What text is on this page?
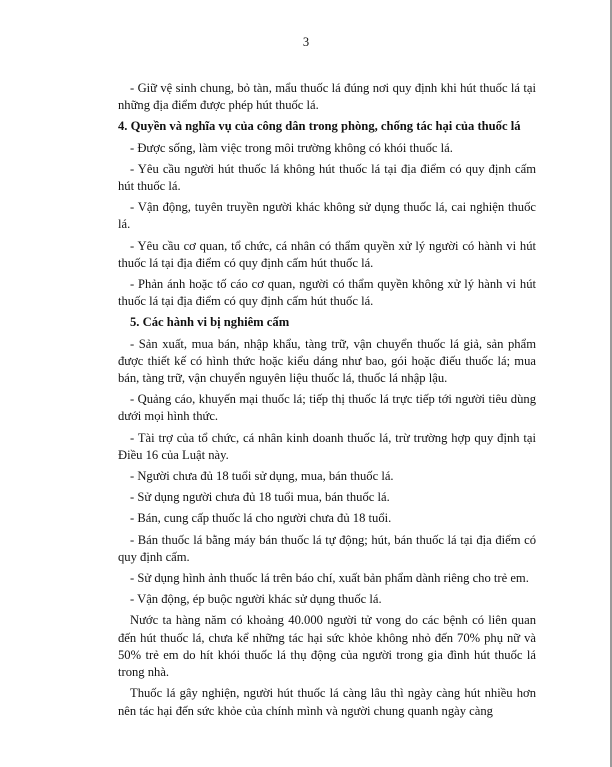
3

- Giữ vệ sinh chung, bỏ tàn, mẩu thuốc lá đúng nơi quy định khi hút thuốc lá tại những địa điểm được phép hút thuốc lá.

4. Quyền và nghĩa vụ của công dân trong phòng, chống tác hại của thuốc lá

- Được sống, làm việc trong môi trường không có khói thuốc lá.

- Yêu cầu người hút thuốc lá không hút thuốc lá tại địa điểm có quy định cấm hút thuốc lá.

- Vận động, tuyên truyền người khác không sử dụng thuốc lá, cai nghiện thuốc lá.

- Yêu cầu cơ quan, tổ chức, cá nhân có thẩm quyền xử lý người có hành vi hút thuốc lá tại địa điểm có quy định cấm hút thuốc lá.

- Phản ánh hoặc tố cáo cơ quan, người có thẩm quyền không xử lý hành vi hút thuốc lá tại địa điểm có quy định cấm hút thuốc lá.

5. Các hành vi bị nghiêm cấm

- Sản xuất, mua bán, nhập khẩu, tàng trữ, vận chuyển thuốc lá giả, sản phẩm được thiết kế có hình thức hoặc kiểu dáng như bao, gói hoặc điếu thuốc lá; mua bán, tàng trữ, vận chuyển nguyên liệu thuốc lá, thuốc lá nhập lậu.

- Quảng cáo, khuyến mại thuốc lá; tiếp thị thuốc lá trực tiếp tới người tiêu dùng dưới mọi hình thức.

- Tài trợ của tổ chức, cá nhân kinh doanh thuốc lá, trừ trường hợp quy định tại Điều 16 của Luật này.

- Người chưa đủ 18 tuổi sử dụng, mua, bán thuốc lá.

- Sử dụng người chưa đủ 18 tuổi mua, bán thuốc lá.

- Bán, cung cấp thuốc lá cho người chưa đủ 18 tuổi.

- Bán thuốc lá bằng máy bán thuốc lá tự động; hút, bán thuốc lá tại địa điểm có quy định cấm.

- Sử dụng hình ảnh thuốc lá trên báo chí, xuất bản phẩm dành riêng cho trẻ em.

- Vận động, ép buộc người khác sử dụng thuốc lá.

Nước ta hàng năm có khoảng 40.000 người tử vong do các bệnh có liên quan đến hút thuốc lá, chưa kể những tác hại sức khỏe không nhỏ đến 70% phụ nữ và 50% trẻ em do hít khói thuốc lá thụ động của người trong gia đình hút thuốc lá trong nhà.

Thuốc lá gây nghiện, người hút thuốc lá càng lâu thì ngày càng hút nhiều hơn nên tác hại đến sức khỏe của chính mình và người chung quanh ngày càng
